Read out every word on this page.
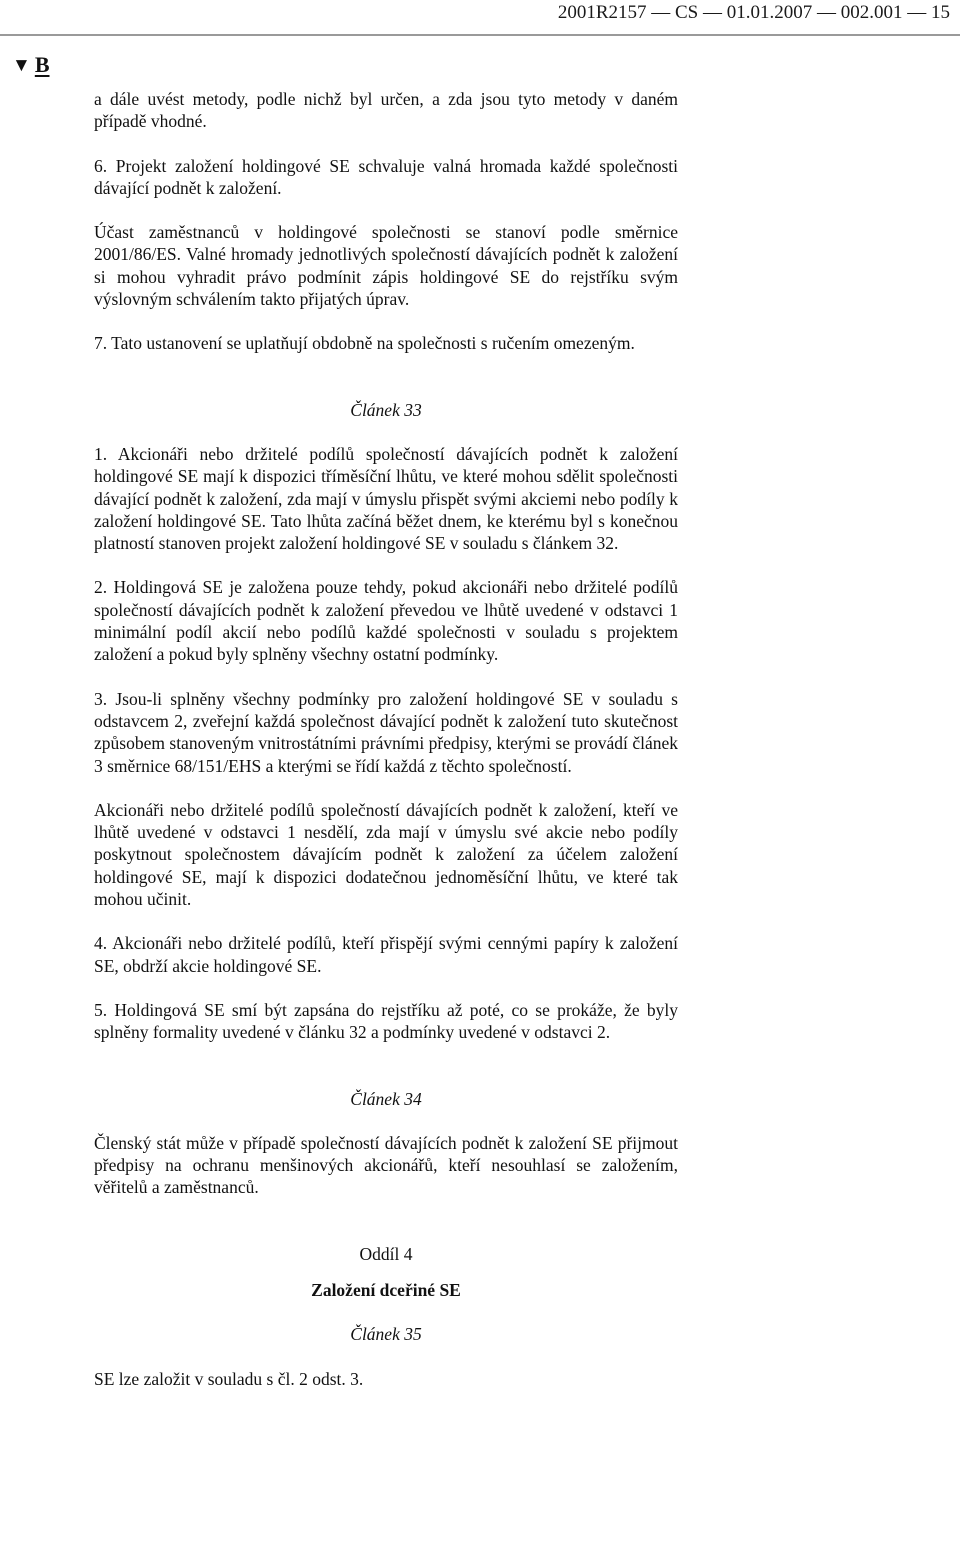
2001R2157 — CS — 01.01.2007 — 002.001 — 15
▼ B

a dále uvést metody, podle nichž byl určen, a zda jsou tyto metody v daném případě vhodné.

6. Projekt založení holdingové SE schvaluje valná hromada každé společnosti dávající podnět k založení.

Účast zaměstnanců v holdingové společnosti se stanoví podle směrnice 2001/86/ES. Valné hromady jednotlivých společností dávajících podnět k založení si mohou vyhradit právo podmínit zápis holdingové SE do rejstříku svým výslovným schválením takto přijatých úprav.

7. Tato ustanovení se uplatňují obdobně na společnosti s ručením omezeným.

Článek 33

1. Akcionáři nebo držitelé podílů společností dávajících podnět k založení holdingové SE mají k dispozici tříměsíční lhůtu, ve které mohou sdělit společnosti dávající podnět k založení, zda mají v úmyslu přispět svými akciemi nebo podíly k založení holdingové SE. Tato lhůta začíná běžet dnem, ke kterému byl s konečnou platností stanoven projekt založení holdingové SE v souladu s článkem 32.

2. Holdingová SE je založena pouze tehdy, pokud akcionáři nebo držitelé podílů společností dávajících podnět k založení převedou ve lhůtě uvedené v odstavci 1 minimální podíl akcií nebo podílů každé společnosti v souladu s projektem založení a pokud byly splněny všechny ostatní podmínky.

3. Jsou-li splněny všechny podmínky pro založení holdingové SE v souladu s odstavcem 2, zveřejní každá společnost dávající podnět k založení tuto skutečnost způsobem stanoveným vnitrostátními právními předpisy, kterými se provádí článek 3 směrnice 68/151/EHS a kterými se řídí každá z těchto společností.

Akcionáři nebo držitelé podílů společností dávajících podnět k založení, kteří ve lhůtě uvedené v odstavci 1 nesdělí, zda mají v úmyslu své akcie nebo podíly poskytnout společnostem dávajícím podnět k založení za účelem založení holdingové SE, mají k dispozici dodatečnou jednoměsíční lhůtu, ve které tak mohou učinit.

4. Akcionáři nebo držitelé podílů, kteří přispějí svými cennými papíry k založení SE, obdrží akcie holdingové SE.

5. Holdingová SE smí být zapsána do rejstříku až poté, co se prokáže, že byly splněny formality uvedené v článku 32 a podmínky uvedené v odstavci 2.

Článek 34

Členský stát může v případě společností dávajících podnět k založení SE přijmout předpisy na ochranu menšinových akcionářů, kteří nesouhlasí se založením, věřitelů a zaměstnanců.

Oddíl 4

Založení dceřiné SE

Článek 35

SE lze založit v souladu s čl. 2 odst. 3.
